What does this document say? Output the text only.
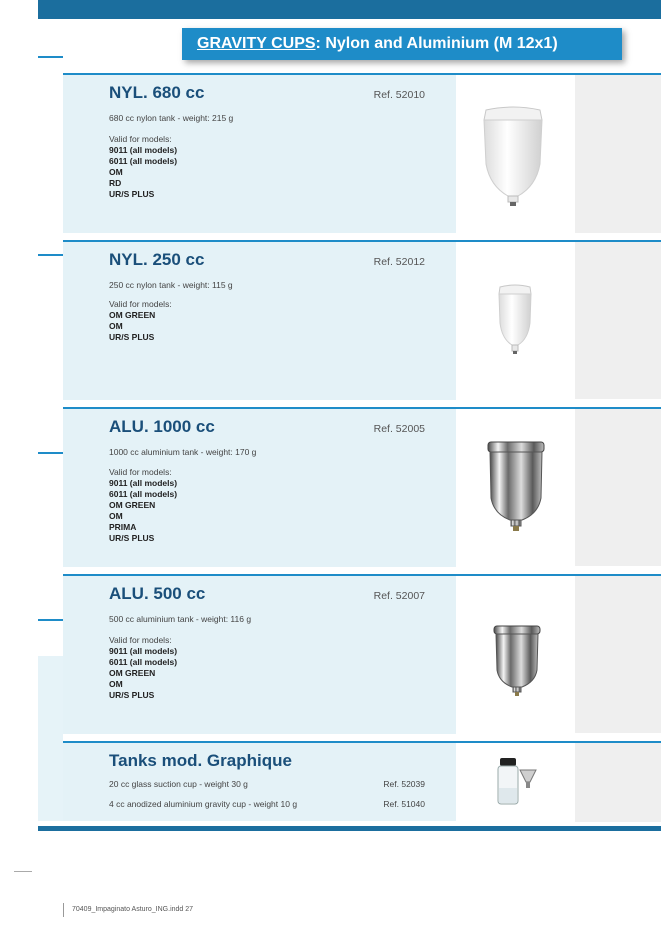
GRAVITY CUPS: Nylon and Aluminium (M 12x1)
NYL. 680 cc	Ref. 52010
680 cc nylon tank - weight: 215 g
Valid for models:
9011 (all models)
6011 (all models)
OM
RD
UR/S PLUS
NYL. 250 cc	Ref. 52012
250 cc nylon tank - weight: 115 g
Valid for models:
OM GREEN
OM
UR/S PLUS
ALU. 1000 cc	Ref. 52005
1000 cc aluminium tank - weight: 170 g
Valid for models:
9011 (all models)
6011 (all models)
OM GREEN
OM
PRIMA
UR/S PLUS
ALU. 500 cc	Ref. 52007
500 cc aluminium tank - weight: 116 g
Valid for models:
9011 (all models)
6011 (all models)
OM GREEN
OM
UR/S PLUS
Tanks mod. Graphique
20 cc glass suction cup - weight 30 g	Ref. 52039
4 cc anodized aluminium gravity cup - weight 10 g	Ref. 51040
70409_Impaginato Asturo_ING.indd 27
